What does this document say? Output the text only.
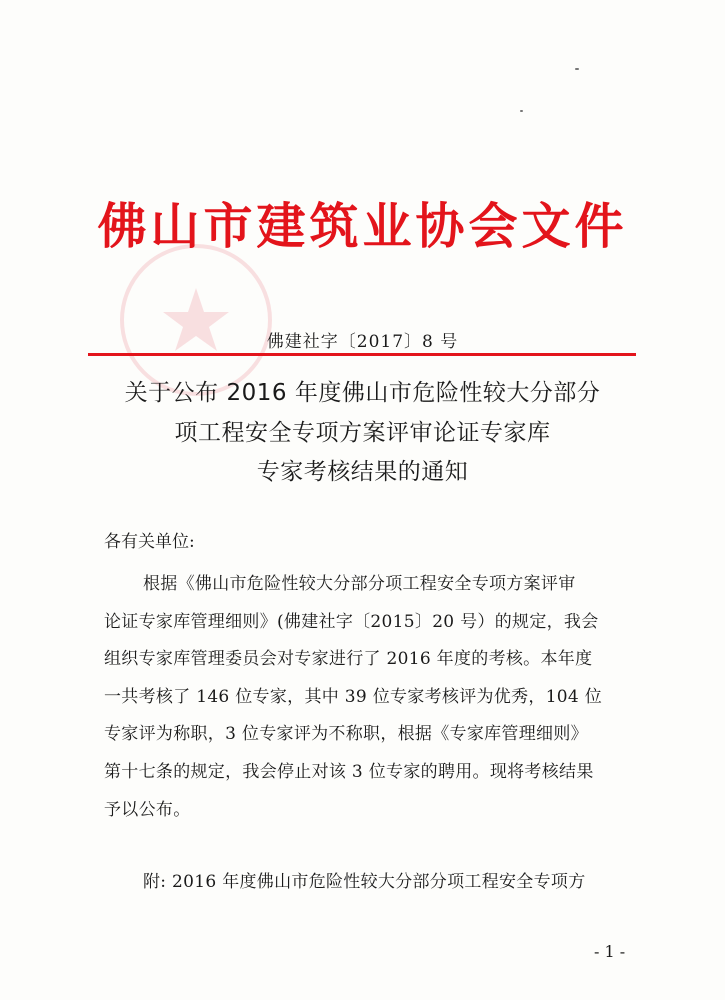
佛山市建筑业协会文件
佛建社字〔2017〕8 号
关于公布 2016 年度佛山市危险性较大分部分
项工程安全专项方案评审论证专家库
专家考核结果的通知
各有关单位:
根据《佛山市危险性较大分部分项工程安全专项方案评审
论证专家库管理细则》(佛建社字〔2015〕20 号）的规定，我会
组织专家库管理委员会对专家进行了 2016 年度的考核。本年度
一共考核了 146 位专家，其中 39 位专家考核评为优秀，104 位
专家评为称职，3 位专家评为不称职，根据《专家库管理细则》
第十七条的规定，我会停止对该 3 位专家的聘用。现将考核结果
予以公布。
附: 2016 年度佛山市危险性较大分部分项工程安全专项方
- 1 -
